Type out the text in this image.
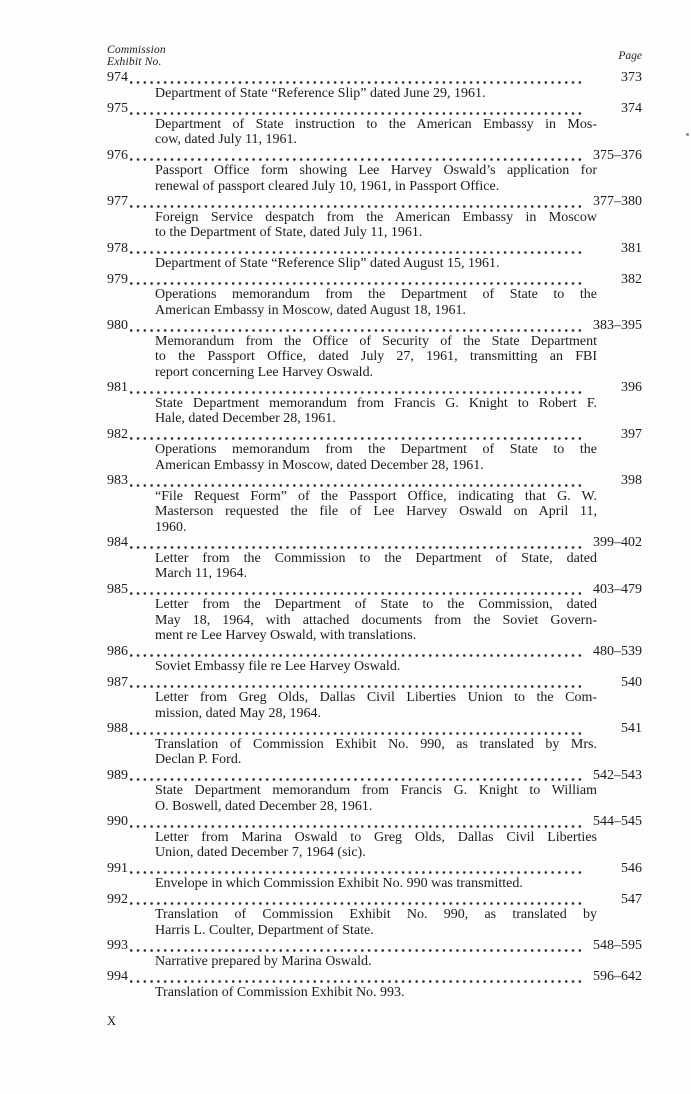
Commission
Exhibit No.	Page
974	373
Department of State “Reference Slip” dated June 29, 1961.
975	374
Department of State instruction to the American Embassy in Mos-
cow, dated July 11, 1961.
976	375–376
Passport Office form showing Lee Harvey Oswald’s application for
renewal of passport cleared July 10, 1961, in Passport Office.
977	377–380
Foreign Service despatch from the American Embassy in Moscow
to the Department of State, dated July 11, 1961.
978	381
Department of State “Reference Slip” dated August 15, 1961.
979	382
Operations memorandum from the Department of State to the
American Embassy in Moscow, dated August 18, 1961.
980	383–395
Memorandum from the Office of Security of the State Department
to the Passport Office, dated July 27, 1961, transmitting an FBI
report concerning Lee Harvey Oswald.
981	396
State Department memorandum from Francis G. Knight to Robert F.
Hale, dated December 28, 1961.
982	397
Operations memorandum from the Department of State to the
American Embassy in Moscow, dated December 28, 1961.
983	398
“File Request Form” of the Passport Office, indicating that G. W.
Masterson requested the file of Lee Harvey Oswald on April 11,
1960.
984	399–402
Letter from the Commission to the Department of State, dated
March 11, 1964.
985	403–479
Letter from the Department of State to the Commission, dated
May 18, 1964, with attached documents from the Soviet Govern-
ment re Lee Harvey Oswald, with translations.
986	480–539
Soviet Embassy file re Lee Harvey Oswald.
987	540
Letter from Greg Olds, Dallas Civil Liberties Union to the Com-
mission, dated May 28, 1964.
988	541
Translation of Commission Exhibit No. 990, as translated by Mrs.
Declan P. Ford.
989	542–543
State Department memorandum from Francis G. Knight to William
O. Boswell, dated December 28, 1961.
990	544–545
Letter from Marina Oswald to Greg Olds, Dallas Civil Liberties
Union, dated December 7, 1964 (sic).
991	546
Envelope in which Commission Exhibit No. 990 was transmitted.
992	547
Translation of Commission Exhibit No. 990, as translated by
Harris L. Coulter, Department of State.
993	548–595
Narrative prepared by Marina Oswald.
994	596–642
Translation of Commission Exhibit No. 993.
X
